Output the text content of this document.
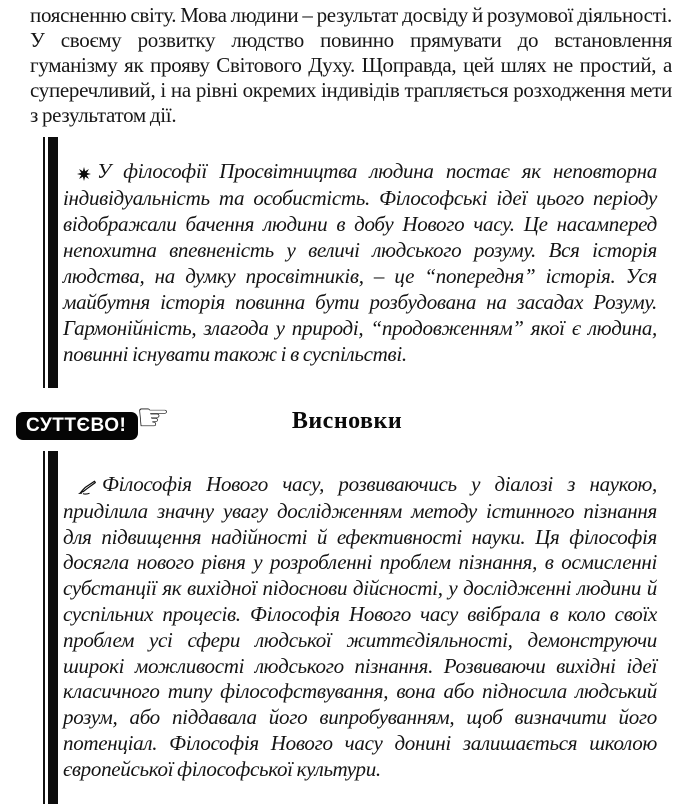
поясненню світу. Мова людини – результат досвіду й розумової діяльності. У своєму розвитку людство повинно прямувати до встановлення гуманізму як прояву Світового Духу. Щоправда, цей шлях не простий, а суперечливий, і на рівні окремих індивідів трапляється розходження мети з результатом дії.

У філософії Просвітництва людина постає як неповторна індивідуальність та особистість. Філософські ідеї цього періоду відображали бачення людини в добу Нового часу. Це насамперед непохитна впевненість у величі людського розуму. Вся історія людства, на думку просвітників, – це “попередня” історія. Уся майбутня історія повинна бути розбудована на засадах Розуму. Гармонійність, злагода у природі, “продовженням” якої є людина, повинні існувати також і в суспільстві.

СУТТЄВО! ☞	Висновки

Філософія Нового часу, розвиваючись у діалозі з наукою, приділила значну увагу дослідженням методу істинного пізнання для підвищення надійності й ефективності науки. Ця філософія досягла нового рівня у розробленні проблем пізнання, в осмисленні субстанції як вихідної підоснови дійсності, у дослідженні людини й суспільних процесів. Філософія Нового часу ввібрала в коло своїх проблем усі сфери людської життєдіяльності, демонструючи широкі можливості людського пізнання. Розвиваючи вихідні ідеї класичного типу філософствування, вона або підносила людський розум, або піддавала його випробуванням, щоб визначити його потенціал. Філософія Нового часу донині залишається школою європейської філософської культури.
